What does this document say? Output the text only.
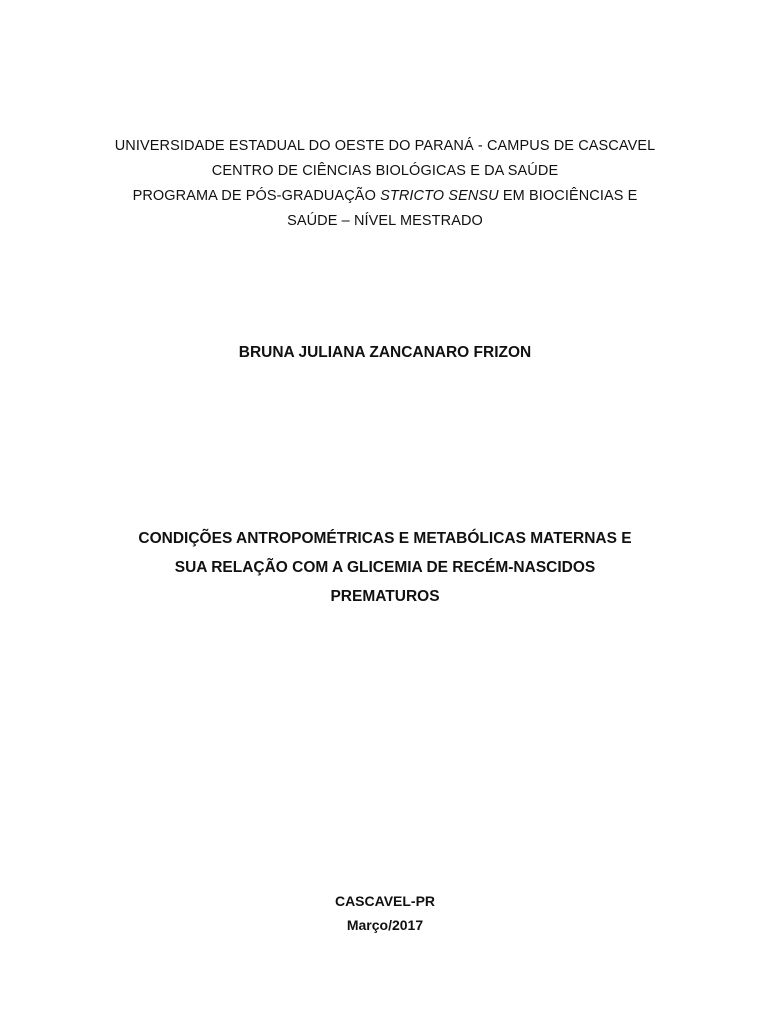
UNIVERSIDADE ESTADUAL DO OESTE DO PARANÁ - CAMPUS DE CASCAVEL
CENTRO DE CIÊNCIAS BIOLÓGICAS E DA SAÚDE
PROGRAMA DE PÓS-GRADUAÇÃO STRICTO SENSU EM BIOCIÊNCIAS E
SAÚDE – NÍVEL MESTRADO
BRUNA JULIANA ZANCANARO FRIZON
CONDIÇÕES ANTROPOMÉTRICAS E METABÓLICAS MATERNAS E
SUA RELAÇÃO COM A GLICEMIA DE RECÉM-NASCIDOS
PREMATUROS
CASCAVEL-PR
Março/2017
